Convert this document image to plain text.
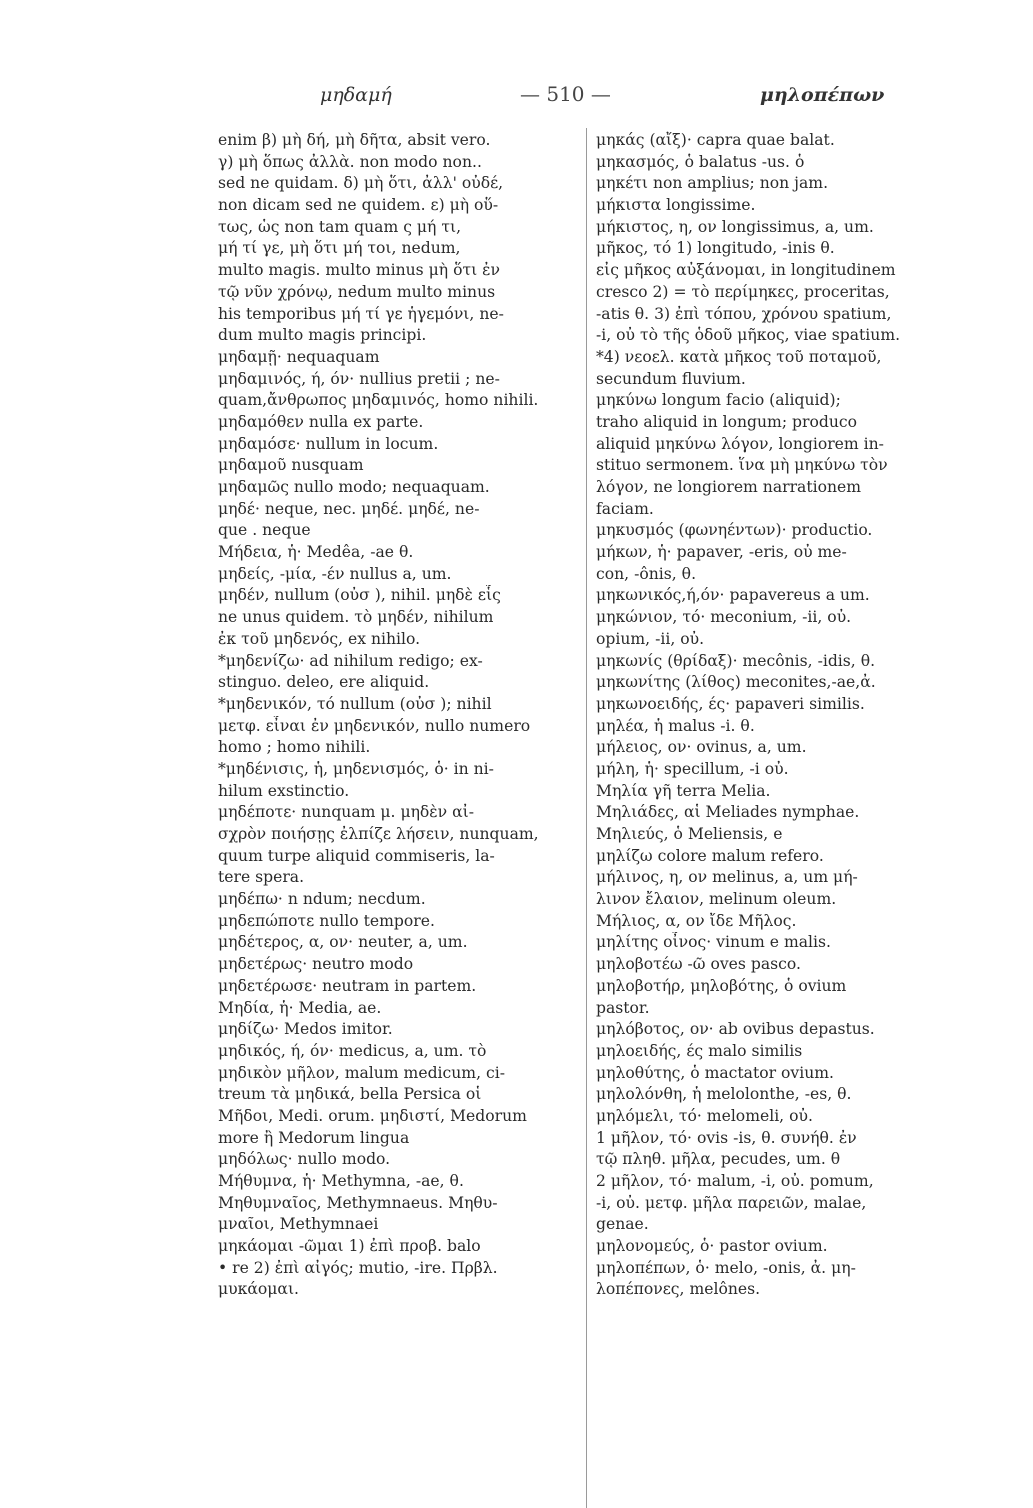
μηδαμή	— 510 —	μηλοπέπων
enim β) μὴ δή, μὴ δῆτα, absit vero.
γ) μὴ ὅπως ἀλλὰ. non modo non..
sed ne quidam. δ) μὴ ὅτι, ἀλλ' οὐδέ,
non dicam sed ne quidem. ε) μὴ οὕ-
τως, ὡς non tam quam ς μή τι,
μή τί γε, μὴ ὅτι μή τοι, nedum,
multo magis. multo minus μὴ ὅτι ἐν
τῷ νῦν χρόνῳ, nedum multo minus
his temporibus μή τί γε ἡγεμόνι, ne-
dum multo magis principi.
μηδαμῇ· nequaquam
μηδαμινός, ή, όν· nullius pretii ; ne-
quam,ἄνθρωπος μηδαμινός, homo nihili.
μηδαμόθεν nulla ex parte.
μηδαμόσε· nullum in locum.
μηδαμοῦ nusquam
μηδαμῶς nullo modo; nequaquam.
μηδέ· neque, nec. μηδέ. μηδέ, ne-
que . neque
Μήδεια, ἡ· Medêa, -ae θ.
μηδείς, -μία, -έν nullus a, um.
μηδέν, nullum (οὐσ ), nihil. μηδὲ εἷς
ne unus quidem. τὸ μηδέν, nihilum
ἐκ τοῦ μηδενός, ex nihilo.
*μηδενίζω· ad nihilum redigo; ex-
stinguo. deleo, ere aliquid.
*μηδενικόν, τό nullum (οὐσ ); nihil
μετφ. εἶναι ἐν μηδενικόν, nullo numero
homo ; homo nihili.
*μηδένισις, ἡ, μηδενισμός, ὁ· in ni-
hilum exstinctio.
μηδέποτε· nunquam μ. μηδὲν αἰ-
σχρὸν ποιήσῃς ἐλπίζε λήσειν, nunquam,
quum turpe aliquid commiseris, la-
tere spera.
μηδέπω· n ndum; necdum.
μηδεπώποτε nullo tempore.
μηδέτερος, α, ον· neuter, a, um.
μηδετέρως· neutro modo
μηδετέρωσε· neutram in partem.
Μηδία, ἡ· Media, ae.
μηδίζω· Medos imitor.
μηδικός, ή, όν· medicus, a, um. τὸ
μηδικὸν μῆλον, malum medicum, ci-
treum τὰ μηδικά, bella Persica οἱ
Μῆδοι, Medi. orum. μηδιστί, Medorum
more ἢ Medorum lingua
μηδόλως· nullo modo.
Μήθυμνα, ἡ· Methymna, -ae, θ.
Μηθυμναῖος, Methymnaeus. Μηθυ-
μναῖοι, Methymnaei
μηκάομαι -ῶμαι 1) ἐπὶ προβ. balo
• re 2) ἐπὶ αἰγός; mutio, -ire. Πρβλ.
μυκάομαι.
μηκάς (αἴξ)· capra quae balat.
μηκασμός, ὁ balatus -us. ὁ
μηκέτι non amplius; non jam.
μήκιστα longissime.
μήκιστος, η, ον longissimus, a, um.
μῆκος, τό 1) longitudo, -inis θ.
εἰς μῆκος αὐξάνομαι, in longitudinem
cresco 2) = τὸ περίμηκες, proceritas,
-atis θ. 3) ἐπὶ τόπου, χρόνου spatium,
-i, οὐ τὸ τῆς ὁδοῦ μῆκος, viae spatium.
*4) νεοελ. κατὰ μῆκος τοῦ ποταμοῦ,
secundum fluvium.
μηκύνω longum facio (aliquid);
traho aliquid in longum; produco
aliquid μηκύνω λόγον, longiorem in-
stituo sermonem. ἵνα μὴ μηκύνω τὸν
λόγον, ne longiorem narrationem
faciam.
μηκυσμός (φωνηέντων)· productio.
μήκων, ἡ· papaver, -eris, οὐ me-
con, -ônis, θ.
μηκωνικός,ή,όν· papavereus a um.
μηκώνιον, τό· meconium, -ii, οὐ.
opium, -ii, οὐ.
μηκωνίς (θρίδαξ)· mecônis, -idis, θ.
μηκωνίτης (λίθος) meconites,-ae,ἀ.
μηκωνοειδής, ές· papaveri similis.
μηλέα, ἡ malus -i. θ.
μήλειος, ον· ovinus, a, um.
μήλη, ἡ· specillum, -i οὐ.
Μηλία γῆ terra Melia.
Μηλιάδες, αἱ Meliades nymphae.
Μηλιεύς, ὁ Meliensis, e
μηλίζω colore malum refero.
μήλινος, η, ον melinus, a, um μή-
λινον ἔλαιον, melinum oleum.
Μήλιος, α, ον ἴδε Μῆλος.
μηλίτης οἶνος· vinum e malis.
μηλοβοτέω -ῶ oves pasco.
μηλοβοτήρ, μηλοβότης, ὁ ovium
pastor.
μηλόβοτος, ον· ab ovibus depastus.
μηλοειδής, ές malo similis
μηλοθύτης, ὁ mactator ovium.
μηλολόνθη, ἡ melolonthe, -es, θ.
μηλόμελι, τό· melomeli, οὐ.
1 μῆλον, τό· ovis -is, θ. συνήθ. ἐν
τῷ πληθ. μῆλα, pecudes, um. θ
2 μῆλον, τό· malum, -i, οὐ. pomum,
-i, οὐ. μετφ. μῆλα παρειῶν, malae,
genae.
μηλονομεύς, ὁ· pastor ovium.
μηλοπέπων, ὁ· melo, -onis, ἀ. μη-
λοπέπονες, melônes.
